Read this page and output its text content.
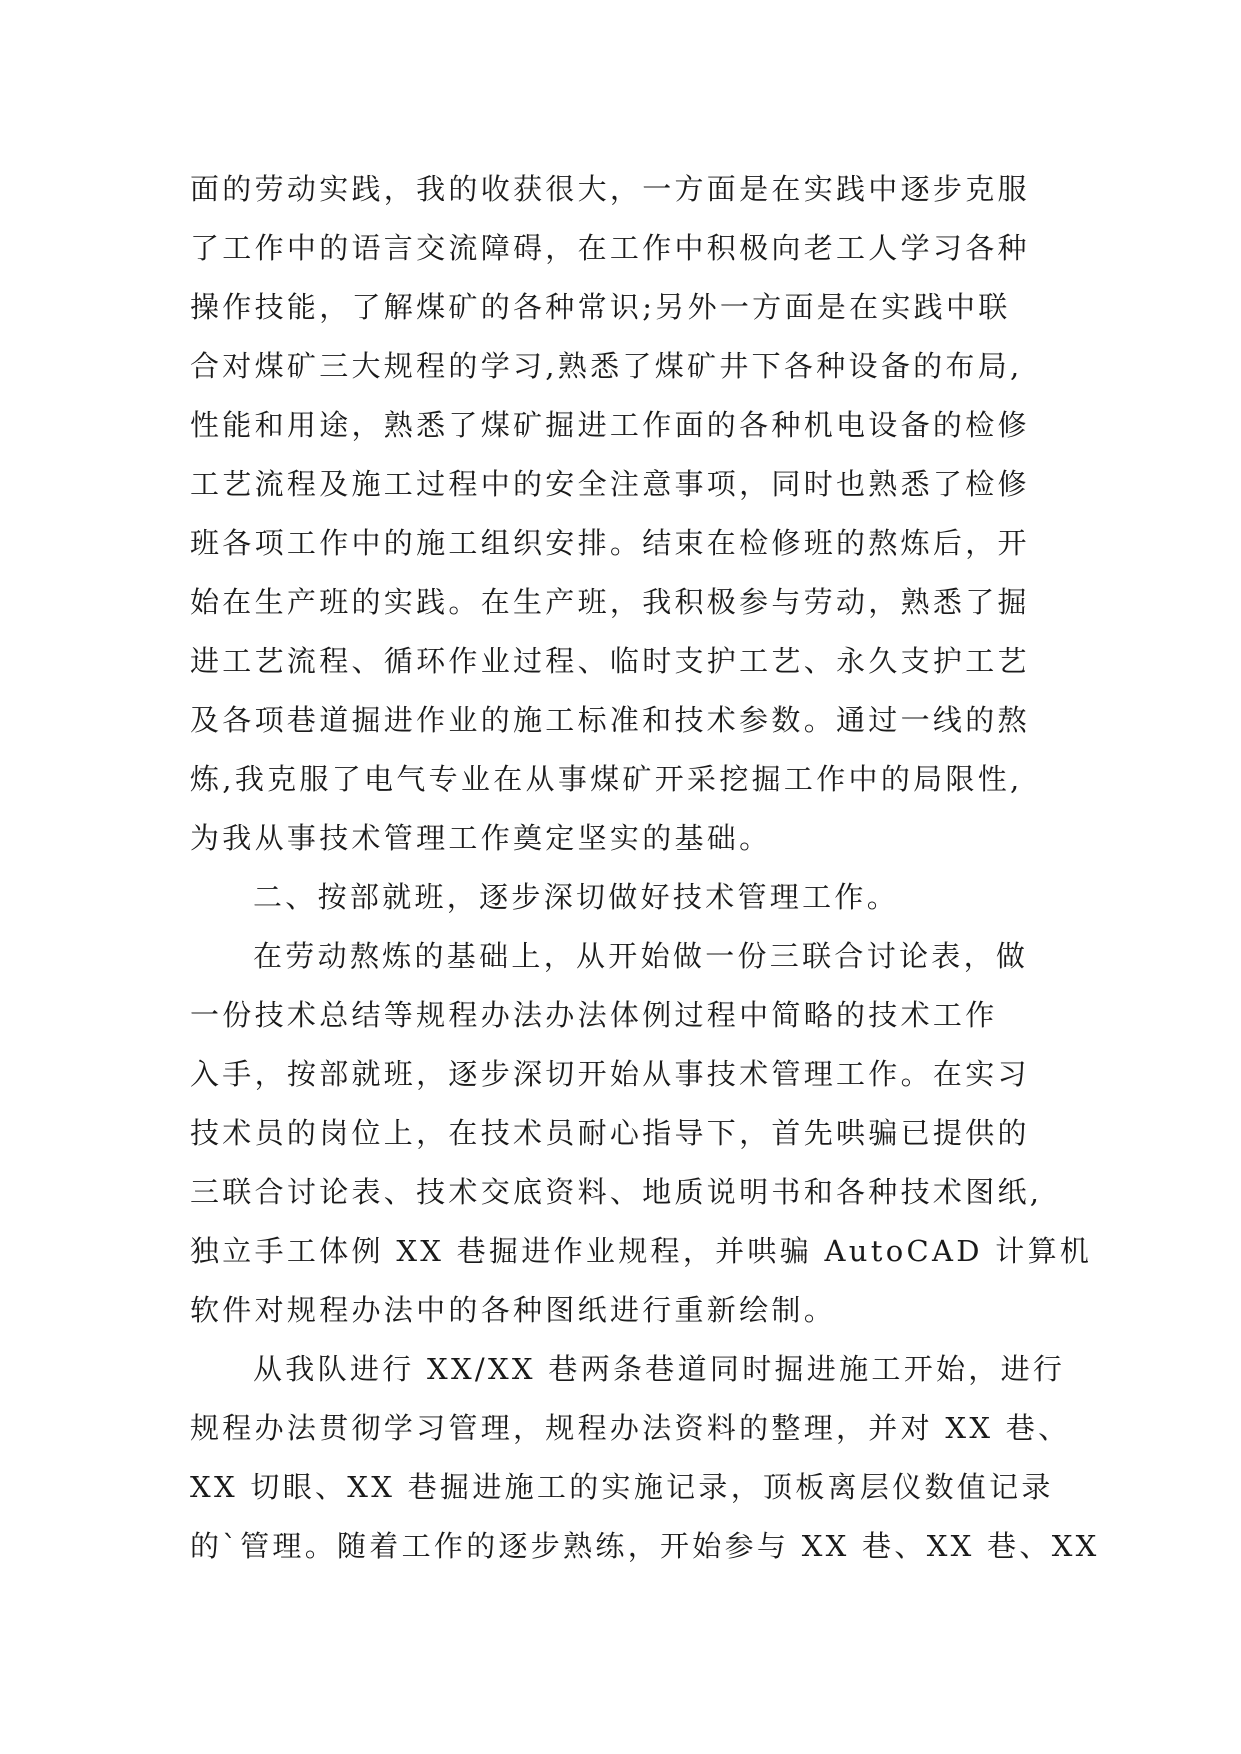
面的劳动实践，我的收获很大，一方面是在实践中逐步克服
了工作中的语言交流障碍，在工作中积极向老工人学习各种
操作技能，了解煤矿的各种常识;另外一方面是在实践中联
合对煤矿三大规程的学习,熟悉了煤矿井下各种设备的布局,
性能和用途，熟悉了煤矿掘进工作面的各种机电设备的检修
工艺流程及施工过程中的安全注意事项，同时也熟悉了检修
班各项工作中的施工组织安排。结束在检修班的熬炼后，开
始在生产班的实践。在生产班，我积极参与劳动，熟悉了掘
进工艺流程、循环作业过程、临时支护工艺、永久支护工艺
及各项巷道掘进作业的施工标准和技术参数。通过一线的熬
炼,我克服了电气专业在从事煤矿开采挖掘工作中的局限性,
为我从事技术管理工作奠定坚实的基础。
二、按部就班，逐步深切做好技术管理工作。
在劳动熬炼的基础上，从开始做一份三联合讨论表，做
一份技术总结等规程办法办法体例过程中简略的技术工作
入手，按部就班，逐步深切开始从事技术管理工作。在实习
技术员的岗位上，在技术员耐心指导下，首先哄骗已提供的
三联合讨论表、技术交底资料、地质说明书和各种技术图纸,
独立手工体例 XX 巷掘进作业规程，并哄骗 AutoCAD 计算机
软件对规程办法中的各种图纸进行重新绘制。
从我队进行 XX/XX 巷两条巷道同时掘进施工开始，进行
规程办法贯彻学习管理，规程办法资料的整理，并对 XX 巷、
XX 切眼、XX 巷掘进施工的实施记录，顶板离层仪数值记录
的`管理。随着工作的逐步熟练，开始参与 XX 巷、XX 巷、XX
